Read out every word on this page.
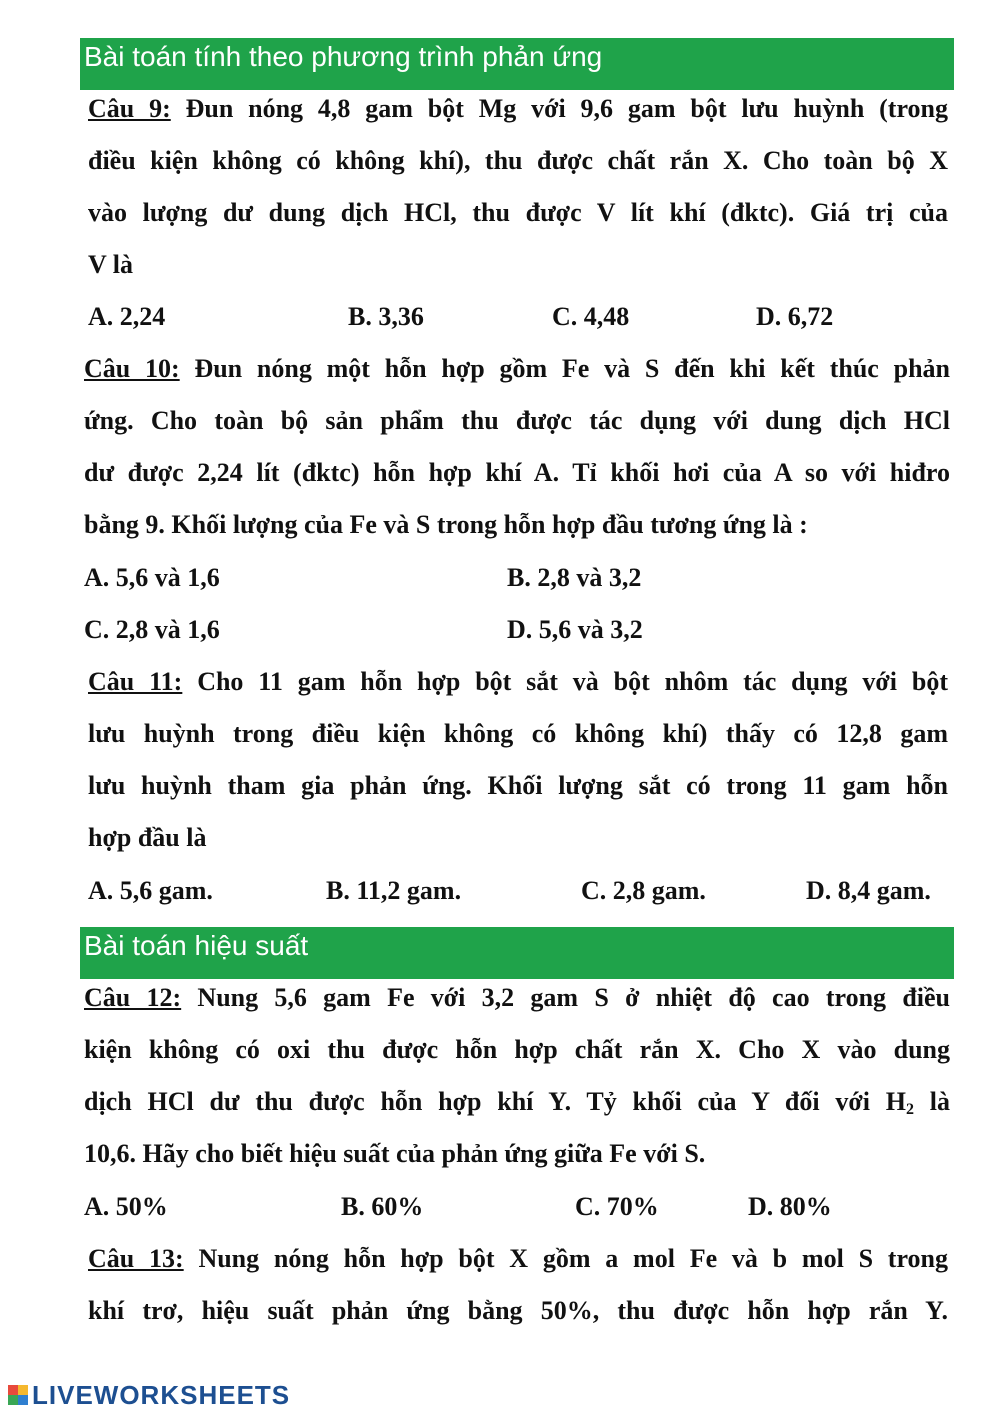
Bài toán tính theo phương trình phản ứng
Câu 9: Đun nóng 4,8 gam bột Mg với 9,6 gam bột lưu huỳnh (trong
điều kiện không có không khí), thu được chất rắn X. Cho toàn bộ X
vào lượng dư dung dịch HCl, thu được V lít khí (đktc). Giá trị của
V là
A. 2,24	B. 3,36	C. 4,48	D. 6,72
Câu 10: Đun nóng một hỗn hợp gồm Fe và S đến khi kết thúc phản
ứng. Cho toàn bộ sản phẩm thu được tác dụng với dung dịch HCl
dư được 2,24 lít (đktc) hỗn hợp khí A. Tỉ khối hơi của A so với hiđro
bằng 9. Khối lượng của Fe và S trong hỗn hợp đầu tương ứng là :
A. 5,6 và 1,6	B. 2,8 và 3,2
C. 2,8 và 1,6	D. 5,6 và 3,2
Câu 11: Cho 11 gam hỗn hợp bột sắt và bột nhôm tác dụng với bột
lưu huỳnh trong điều kiện không có không khí) thấy có 12,8 gam
lưu huỳnh tham gia phản ứng. Khối lượng sắt có trong 11 gam hỗn
hợp đầu là
A. 5,6 gam.	B. 11,2 gam.	C. 2,8 gam.	D. 8,4 gam.
Bài toán hiệu suất
Câu 12: Nung 5,6 gam Fe với 3,2 gam S ở nhiệt độ cao trong điều
kiện không có oxi thu được hỗn hợp chất rắn X. Cho X vào dung
dịch HCl dư thu được hỗn hợp khí Y. Tỷ khối của Y đối với $H_2$ là
10,6. Hãy cho biết hiệu suất của phản ứng giữa Fe với S.
A. 50%	B. 60%	C. 70%	D. 80%
Câu 13: Nung nóng hỗn hợp bột X gồm a mol Fe và b mol S trong
khí trơ, hiệu suất phản ứng bằng 50%, thu được hỗn hợp rắn Y.
LIVEWORKSHEETS
